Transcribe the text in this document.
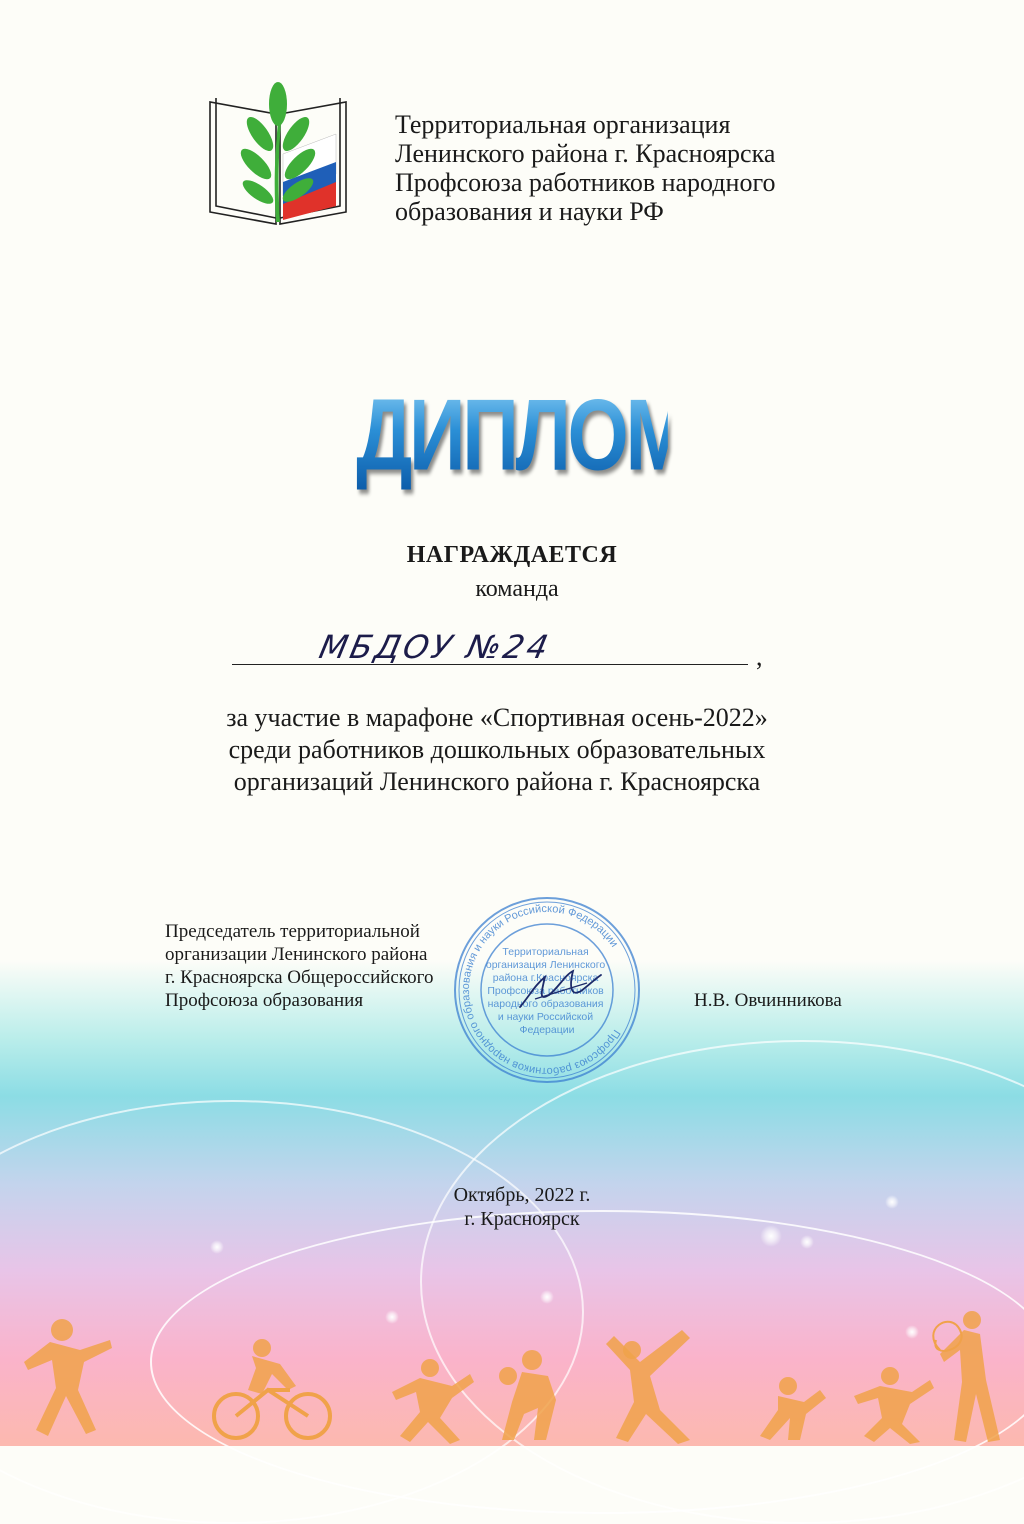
Территориальная организация
Ленинского района г. Красноярска
Профсоюза работников народного
образования и науки РФ
ДИПЛОМ
НАГРАЖДАЕТСЯ
команда
МБДОУ №24	,
за участие в марафоне «Спортивная осень-2022»
среди работников дошкольных образовательных
организаций Ленинского района г. Красноярска
Председатель территориальной
организации Ленинского района
г. Красноярска Общероссийского
Профсоюза образования
Профсоюз работников народного образования и науки Российской Федерации
Территориальная организация Ленинского района г.Красноярска Профсоюза работников народного образования и науки Российской Федерации
Н.В. Овчинникова
Октябрь, 2022 г.
г. Красноярск
